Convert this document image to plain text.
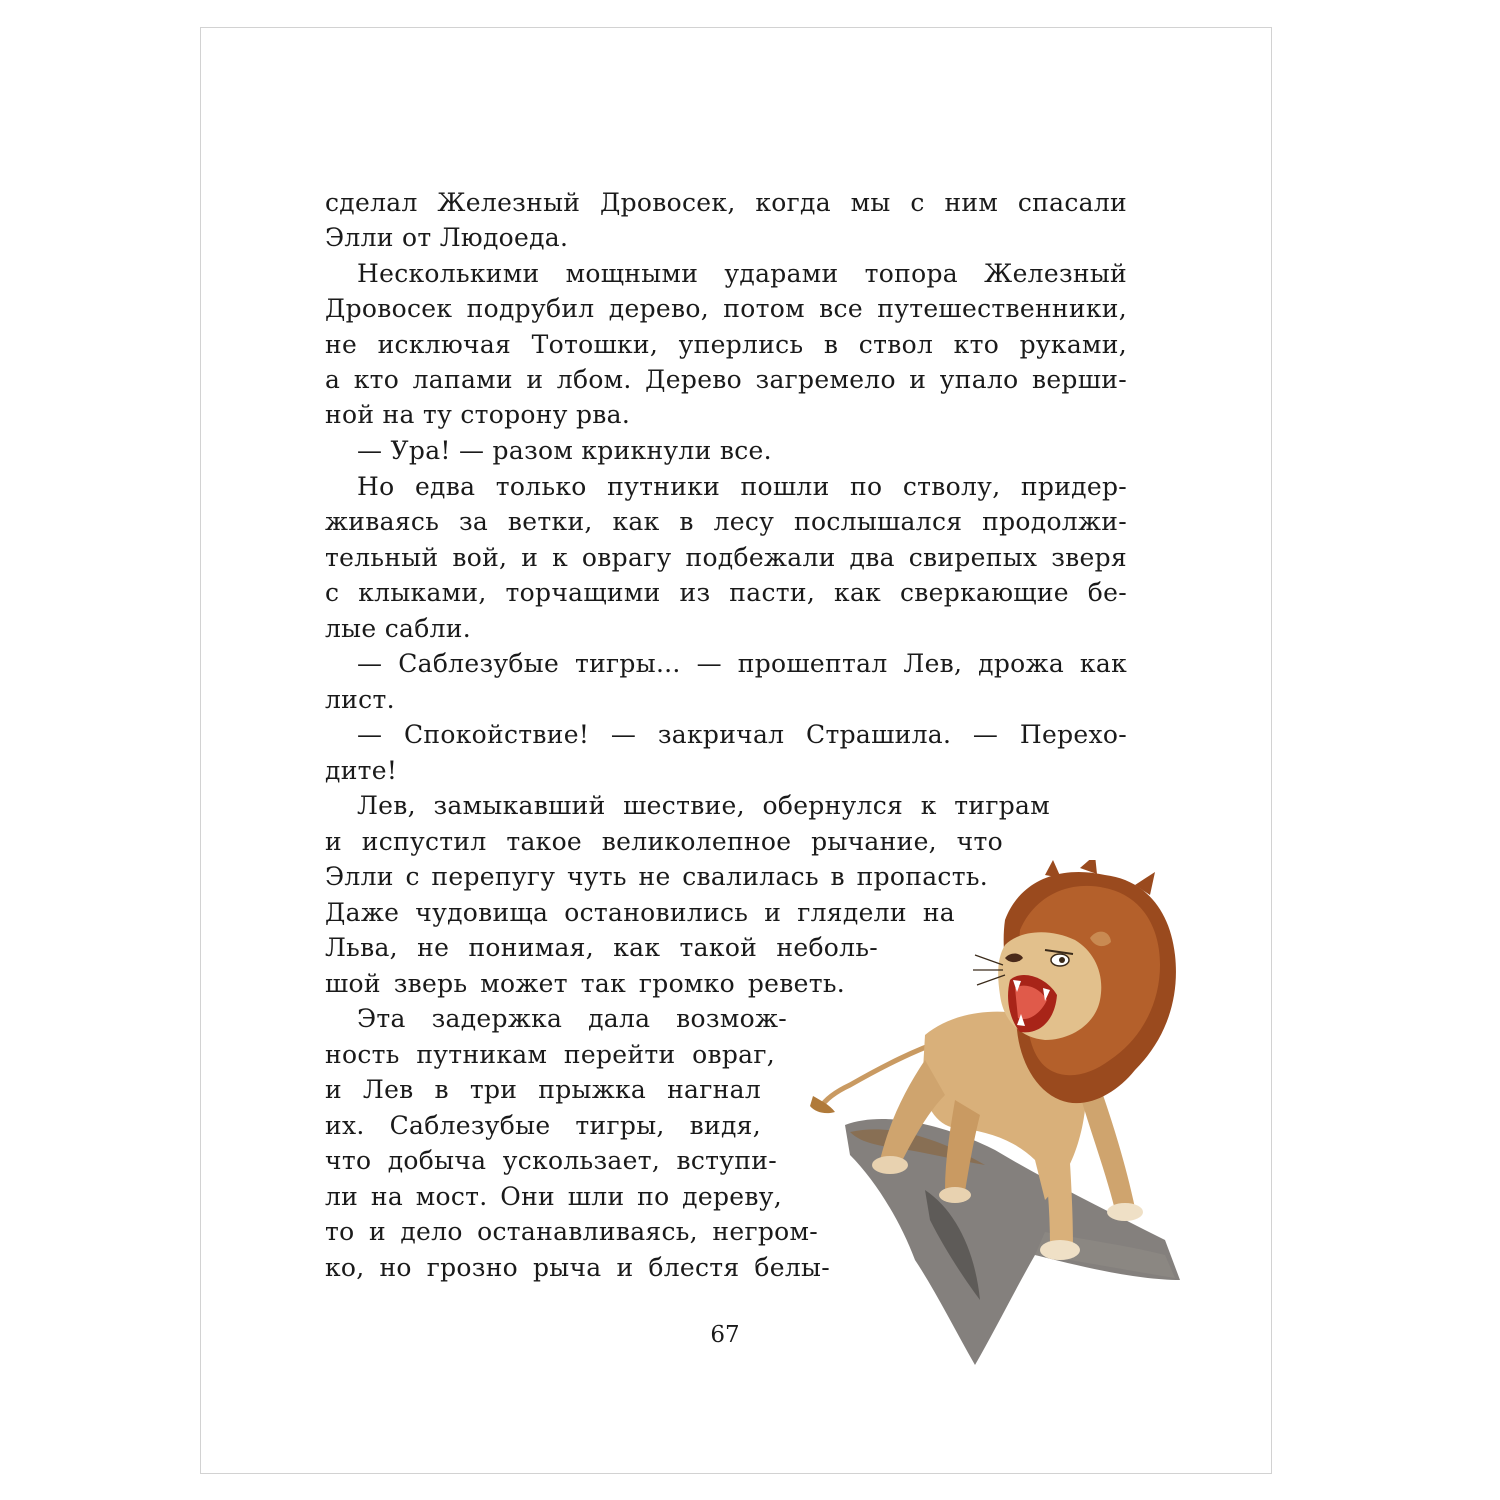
сделал Железный Дровосек, когда мы с ним спасали
Элли от Людоеда.
Несколькими мощными ударами топора Железный
Дровосек подрубил дерево, потом все путешественники,
не исключая Тотошки, уперлись в ствол кто руками,
а кто лапами и лбом. Дерево загремело и упало верши-
ной на ту сторону рва.
— Ура! — разом крикнули все.
Но едва только путники пошли по стволу, придер-
живаясь за ветки, как в лесу послышался продолжи-
тельный вой, и к оврагу подбежали два свирепых зверя
с клыками, торчащими из пасти, как сверкающие бе-
лые сабли.
— Саблезубые тигры... — прошептал Лев, дрожа как
лист.
— Спокойствие! — закричал Страшила. — Перехо-
дите!
Лев, замыкавший шествие, обернулся к тиграм
и испустил такое великолепное рычание, что
Элли с перепугу чуть не свалилась в пропасть.
Даже чудовища остановились и глядели на
Льва, не понимая, как такой неболь-
шой зверь может так громко реветь.
Эта задержка дала возмож-
ность путникам перейти овраг,
и Лев в три прыжка нагнал
их. Саблезубые тигры, видя,
что добыча ускользает, вступи-
ли на мост. Они шли по дереву,
то и дело останавливаясь, негром-
ко, но грозно рыча и блестя белы-
67
